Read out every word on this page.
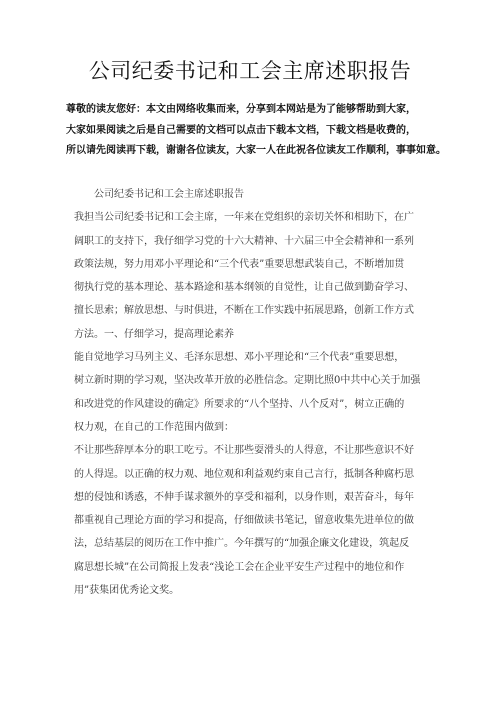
公司纪委书记和工会主席述职报告
尊敬的读友您好：本文由网络收集而来，分享到本网站是为了能够帮助到大家，
大家如果阅读之后是自己需要的文档可以点击下载本文档，下载文档是收费的，
所以请先阅读再下载，谢谢各位读友，大家一人在此祝各位读友工作顺利，事事如意。
公司纪委书记和工会主席述职报告
我担当公司纪委书记和工会主席，一年来在党组织的亲切关怀和相助下，在广
阔职工的支持下，我仔细学习党的十六大精神、十六届三中全会精神和一系列
政策法规，努力用邓小平理论和“三个代表”重要思想武装自己，不断增加贯
彻执行党的基本理论、基本路途和基本纲领的自觉性，让自己做到勤奋学习、
擅长思索；解放思想、与时俱进，不断在工作实践中拓展思路，创新工作方式
方法。一、仔细学习，提高理论素养
能自觉地学习马列主义、毛泽东思想、邓小平理论和“三个代表”重要思想，
树立新时期的学习观，坚决改革开放的必胜信念。定期比照0中共中心关于加强
和改进党的作风建设的确定》所要求的“八个坚持、八个反对”，树立正确的
权力观，在自己的工作范围内做到：
不让那些辞厚本分的职工吃亏。不让那些耍滑头的人得意，不让那些意识不好
的人得逞。以正确的权力观、地位观和利益观约束自己言行，抵制各种腐朽思
想的侵蚀和诱惑，不伸手谋求额外的享受和福利，以身作则，艰苦奋斗，每年
都重视自己理论方面的学习和提高，仔细做读书笔记，留意收集先进单位的做
法，总结基层的阅历在工作中推广。今年撰写的“加强企廉文化建设，筑起反
腐思想长城”在公司简报上发表“浅论工会在企业平安生产过程中的地位和作
用”获集团优秀论文奖。
